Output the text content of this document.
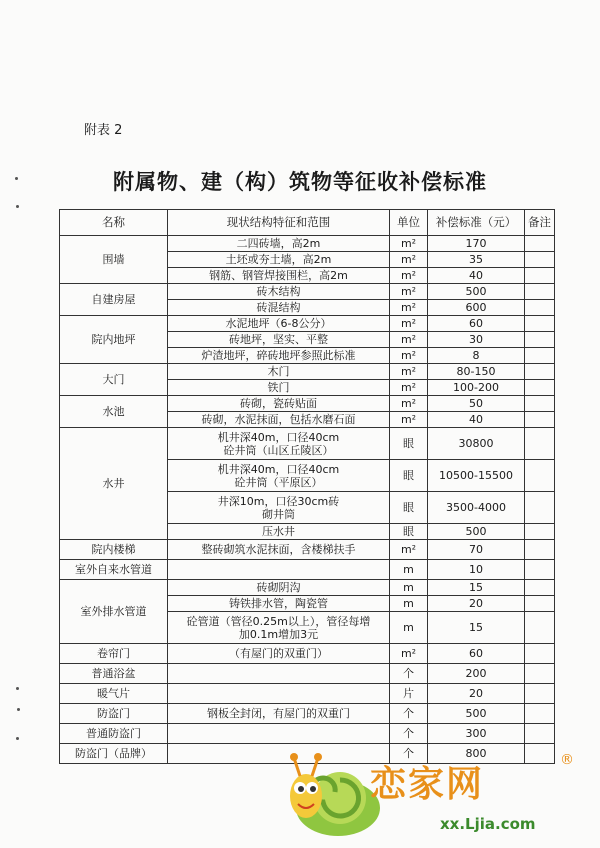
附表 2
附属物、建（构）筑物等征收补偿标准
名称	现状结构特征和范围	单位	补偿标准（元）	备注
围墙	二四砖墙，高2m	m²	170	
	土坯或夯土墙，高2m	m²	35	
	钢筋、钢管焊接围栏，高2m	m²	40	
自建房屋	砖木结构	m²	500	
	砖混结构	m²	600	
院内地坪	水泥地坪（6-8公分）	m²	60	
	砖地坪，坚实、平整	m²	30	
	炉渣地坪，碎砖地坪参照此标准	m²	8	
大门	木门	m²	80-150	
	铁门	m²	100-200	
水池	砖砌，瓷砖贴面	m²	50	
	砖砌，水泥抹面，包括水磨石面	m²	40	
水井	机井深40m，口径40cm
砼井筒（山区丘陵区）	眼	30800	
	机井深40m，口径40cm
砼井筒（平原区）	眼	10500-15500	
	井深10m，口径30cm砖
砌井筒	眼	3500-4000	
	压水井	眼	500	
院内楼梯	整砖砌筑水泥抹面，含楼梯扶手	m²	70	
室外自来水管道		m	10	
室外排水管道	砖砌阴沟	m	15	
	铸铁排水管，陶瓷管	m	20	
	砼管道（管径0.25m以上），管径每增
加0.1m增加3元	m	15	
卷帘门	（有屋门的双重门）	m²	60	
普通浴盆		个	200	
暖气片		片	20	
防盗门	钢板全封闭，有屋门的双重门	个	500	
普通防盗门		个	300	
防盗门（品牌）		个	800	
恋家网
®
xx.Ljia.com
